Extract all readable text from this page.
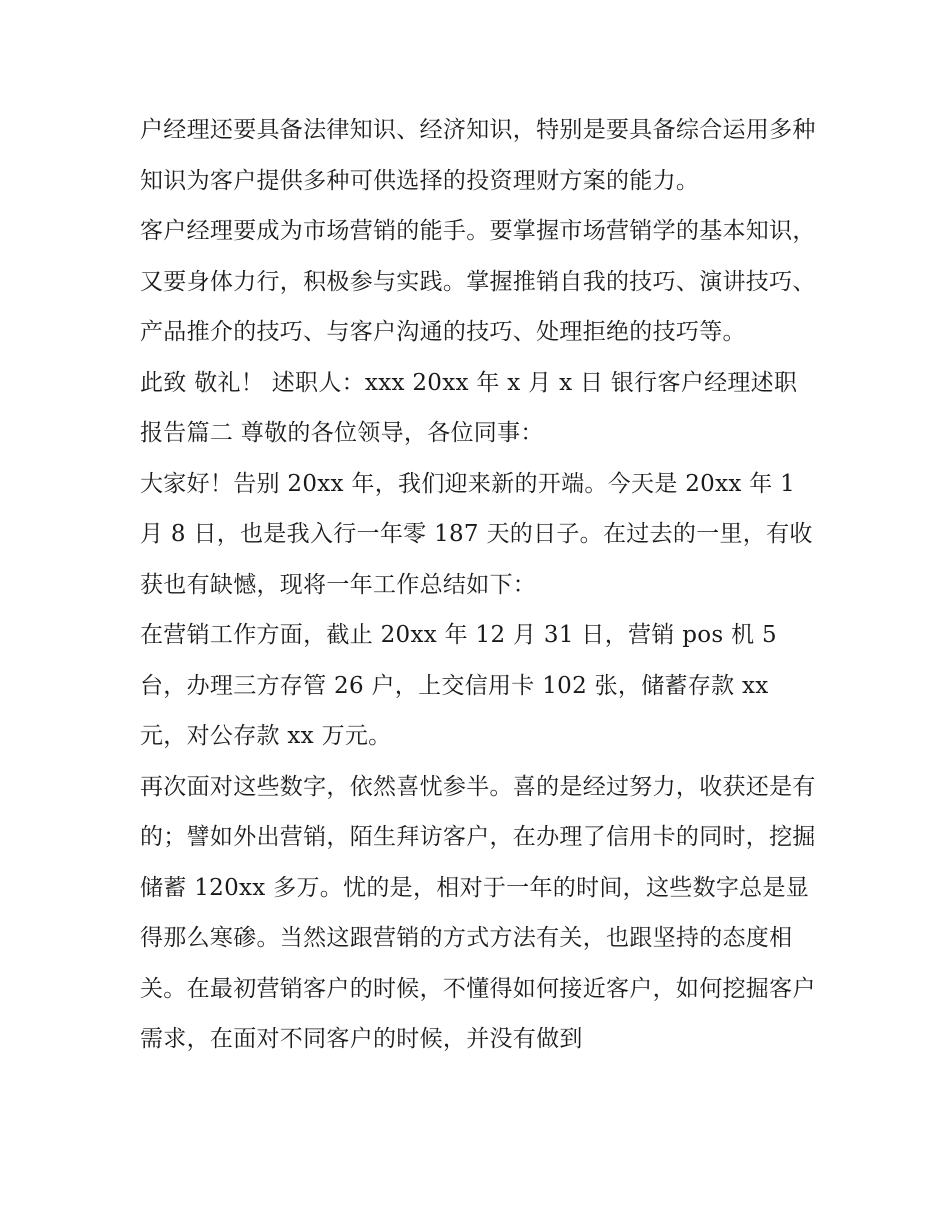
户经理还要具备法律知识、经济知识，特别是要具备综合运用多种知识为客户提供多种可供选择的投资理财方案的能力。

客户经理要成为市场营销的能手。要掌握市场营销学的基本知识，又要身体力行，积极参与实践。掌握推销自我的技巧、演讲技巧、产品推介的技巧、与客户沟通的技巧、处理拒绝的技巧等。

此致 敬礼！ 述职人：xxx 20xx 年 x 月 x 日 银行客户经理述职报告篇二 尊敬的各位领导，各位同事：

大家好！告别 20xx 年，我们迎来新的开端。今天是 20xx 年 1 月 8 日，也是我入行一年零 187 天的日子。在过去的一里，有收获也有缺憾，现将一年工作总结如下：

在营销工作方面，截止 20xx 年 12 月 31 日，营销 pos 机 5 台，办理三方存管 26 户，上交信用卡 102 张，储蓄存款 xx 元，对公存款 xx 万元。

再次面对这些数字，依然喜忧参半。喜的是经过努力，收获还是有的；譬如外出营销，陌生拜访客户，在办理了信用卡的同时，挖掘储蓄 120xx 多万。忧的是，相对于一年的时间，这些数字总是显得那么寒碜。当然这跟营销的方式方法有关，也跟坚持的态度相关。在最初营销客户的时候，不懂得如何接近客户，如何挖掘客户需求，在面对不同客户的时候，并没有做到
